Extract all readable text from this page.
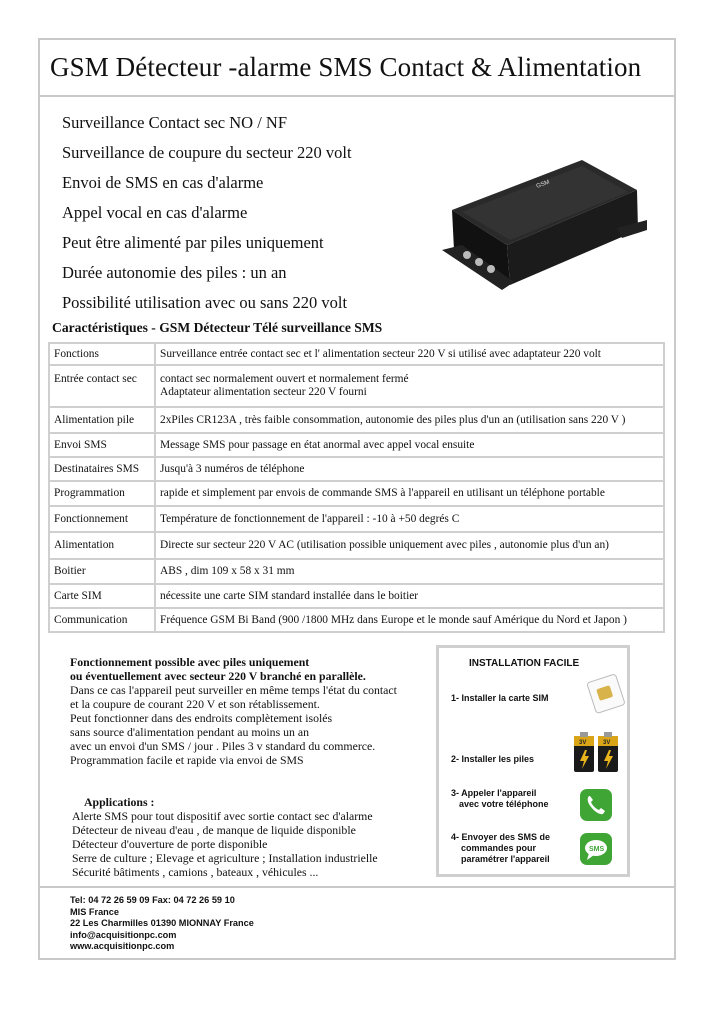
GSM Détecteur -alarme SMS Contact & Alimentation
Surveillance Contact sec NO / NF
Surveillance de coupure du secteur 220 volt
Envoi de SMS en cas d'alarme
Appel vocal en cas d'alarme
Peut être alimenté par piles uniquement
Durée autonomie des piles : un an
Possibilité utilisation avec ou sans 220 volt
GSM
Caractéristiques - GSM Détecteur Télé surveillance SMS
Fonctions	Surveillance entrée contact sec et l' alimentation secteur 220 V si utilisé avec adaptateur 220 volt
Entrée contact sec	contact sec normalement ouvert et normalement fermé
Adaptateur alimentation secteur 220 V fourni

Alimentation pile	2xPiles CR123A , très faible consommation, autonomie des piles plus d'un an (utilisation sans 220 V )
Envoi SMS	Message SMS pour passage en état anormal avec appel vocal ensuite
Destinataires SMS	Jusqu'à 3 numéros de téléphone
Programmation	rapide et simplement par envois de commande SMS à l'appareil en utilisant un téléphone portable
Fonctionnement	Température de fonctionnement de l'appareil : -10 à +50 degrés C
Alimentation	Directe sur secteur 220 V AC (utilisation possible uniquement avec piles , autonomie plus d'un an)
Boitier	ABS , dim 109 x 58 x 31 mm
Carte SIM	nécessite une carte SIM standard installée dans le boitier
Communication	Fréquence GSM Bi Band (900 /1800 MHz dans Europe et le monde sauf Amérique du Nord et Japon )
Fonctionnement possible avec piles uniquement
ou éventuellement avec secteur 220 V branché en parallèle.
Dans ce cas l'appareil peut surveiller en même temps l'état du contact
et la coupure de courant 220 V et son rétablissement.
Peut fonctionner dans des endroits complètement isolés
sans source d'alimentation pendant au moins un an
avec un envoi d'un SMS / jour . Piles 3 v standard du commerce.
Programmation facile et rapide via envoi de SMS
Applications :
Alerte SMS pour tout dispositif avec sortie contact sec d'alarme
Détecteur de niveau d'eau , de manque de liquide disponible
Détecteur d'ouverture de porte disponible
Serre de culture ; Elevage et agriculture ; Installation industrielle
Sécurité bâtiments , camions , bateaux , véhicules ...
INSTALLATION FACILE
1- Installer la carte SIM
3V	3V
2- Installer les piles
3- Appeler l'appareil
avec votre téléphone
4- Envoyer des SMS de
commandes pour
paramétrer l'appareil
SMS
Tel: 04 72 26 59 09 Fax: 04 72 26 59 10
MIS France
22 Les Charmilles 01390 MIONNAY France
info@acquisitionpc.com
www.acquisitionpc.com
